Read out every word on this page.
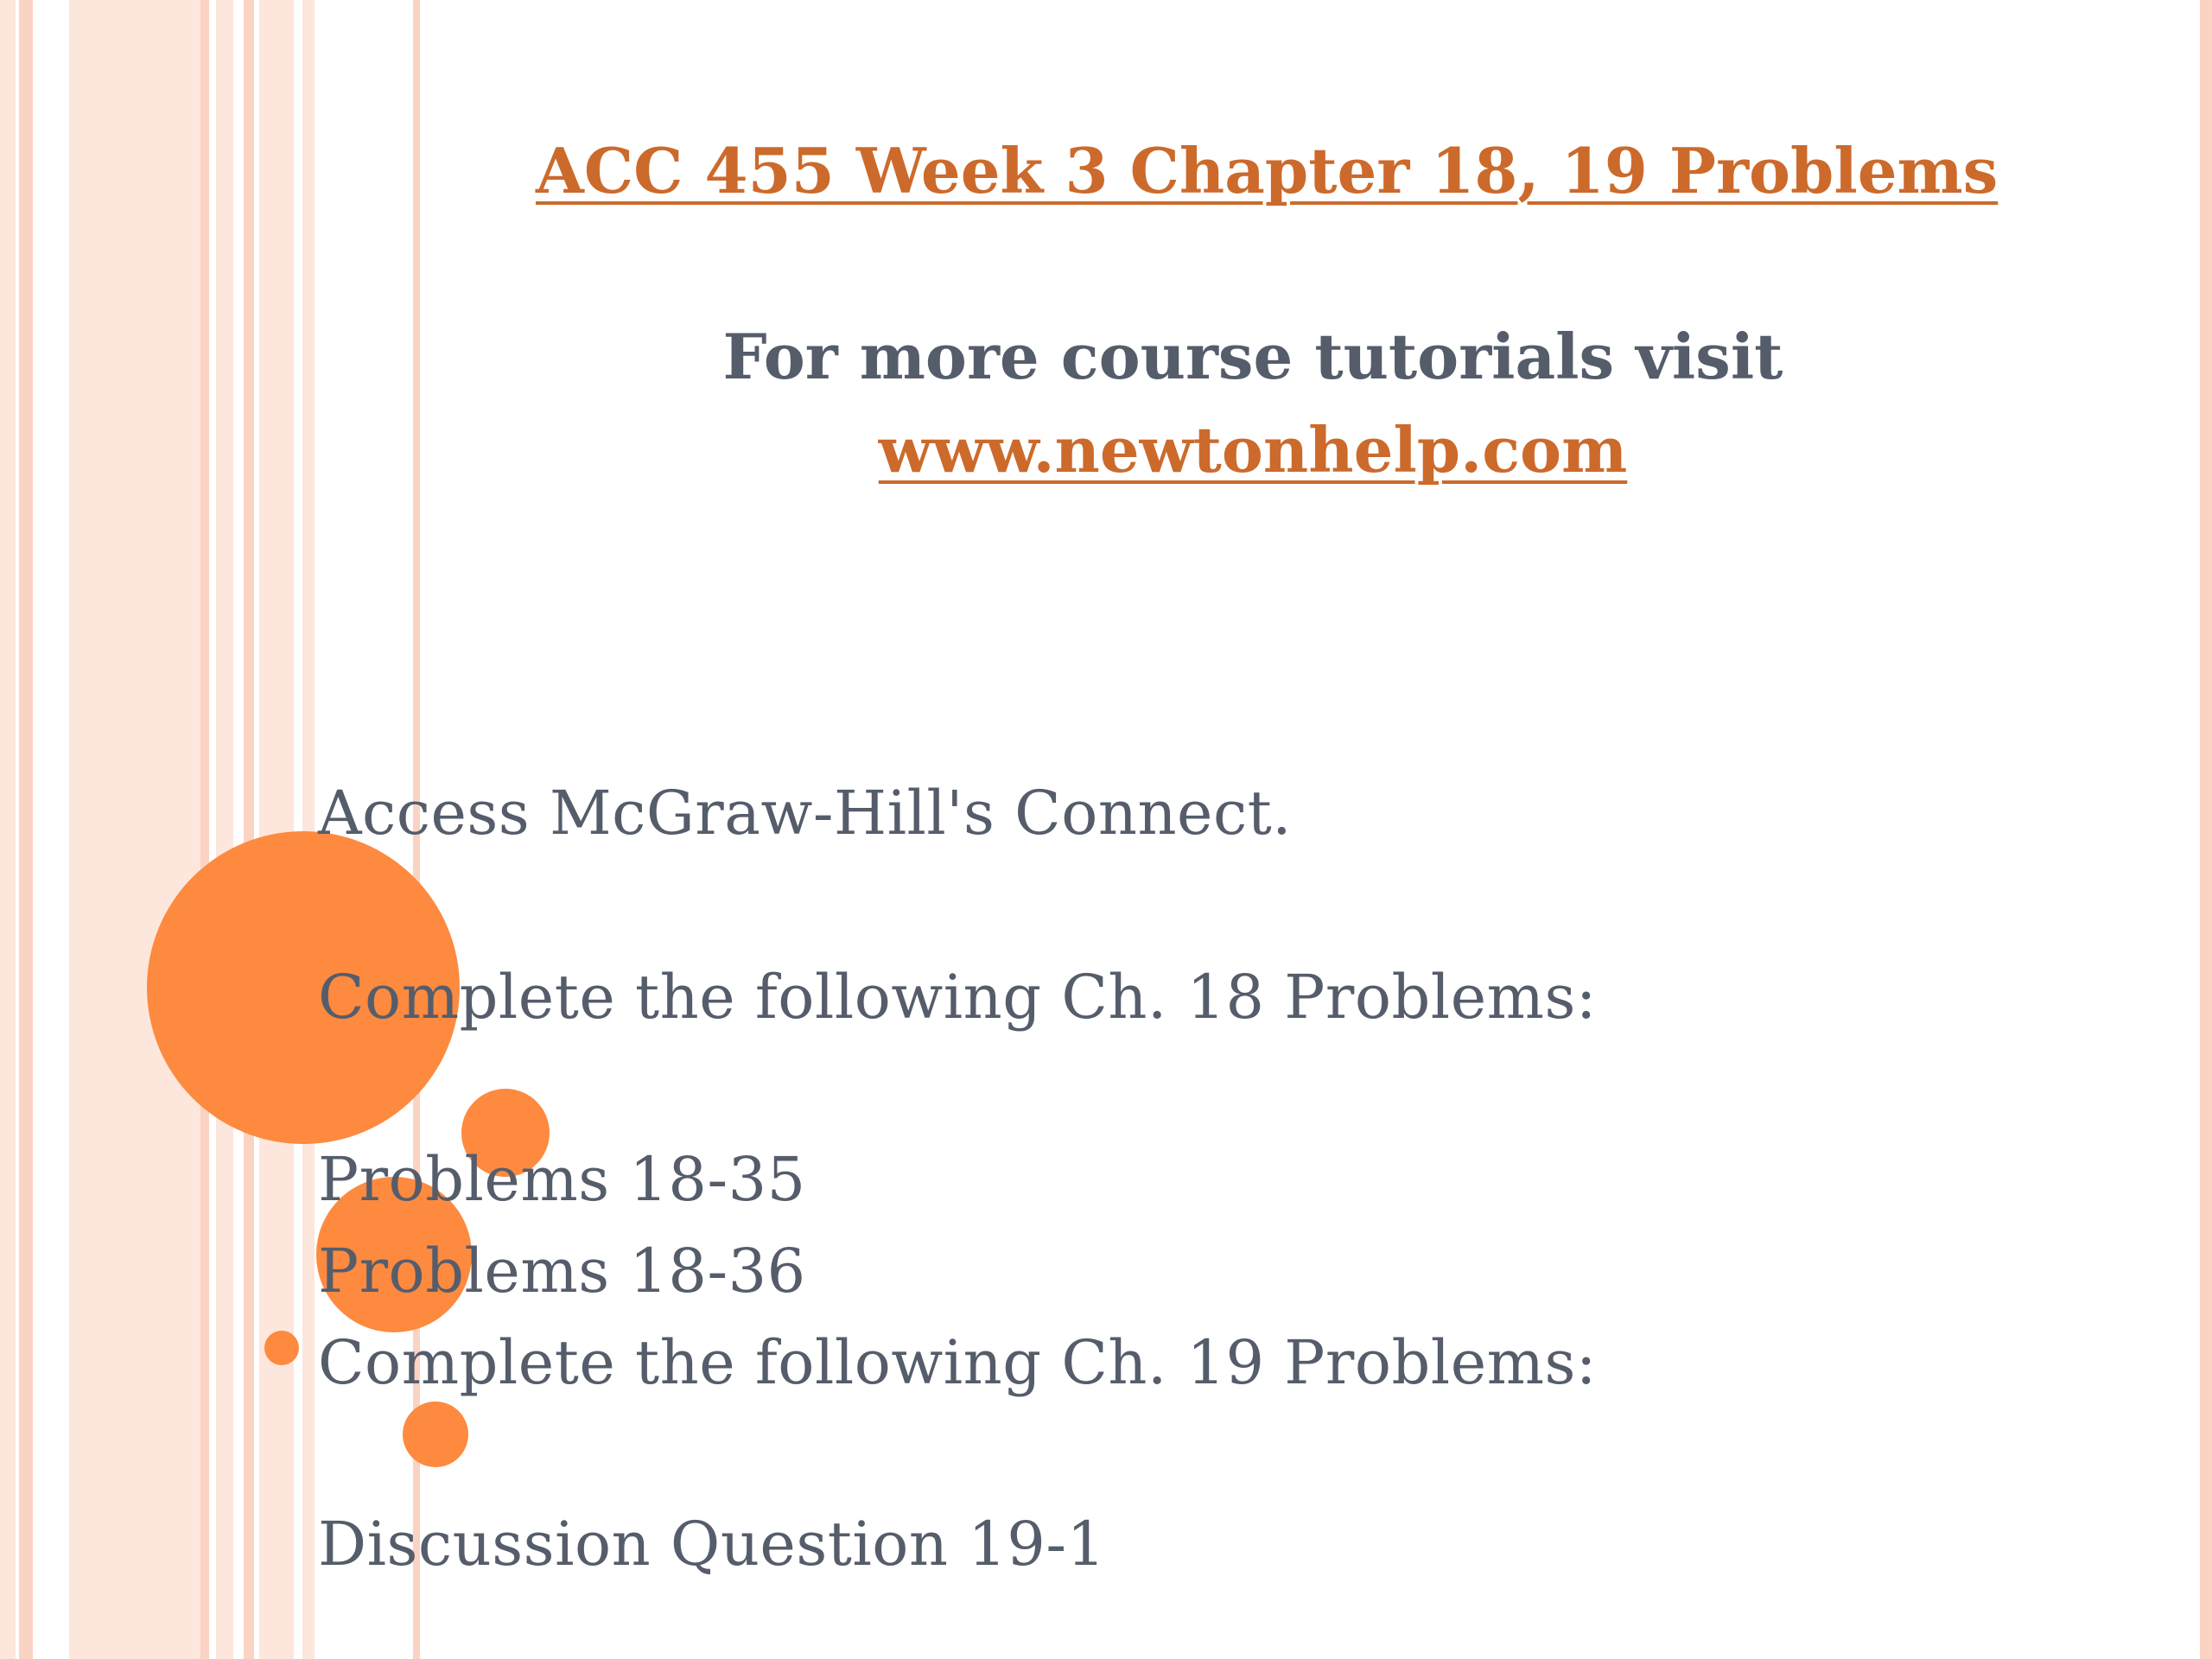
ACC 455 Week 3 Chapter 18, 19 Problems
For more course tutorials visit
www.newtonhelp.com
Access McGraw-Hill's Connect.
Complete the following Ch. 18 Problems:
Problems 18-35
Problems 18-36
Complete the following Ch. 19 Problems:
Discussion Question 19-1
